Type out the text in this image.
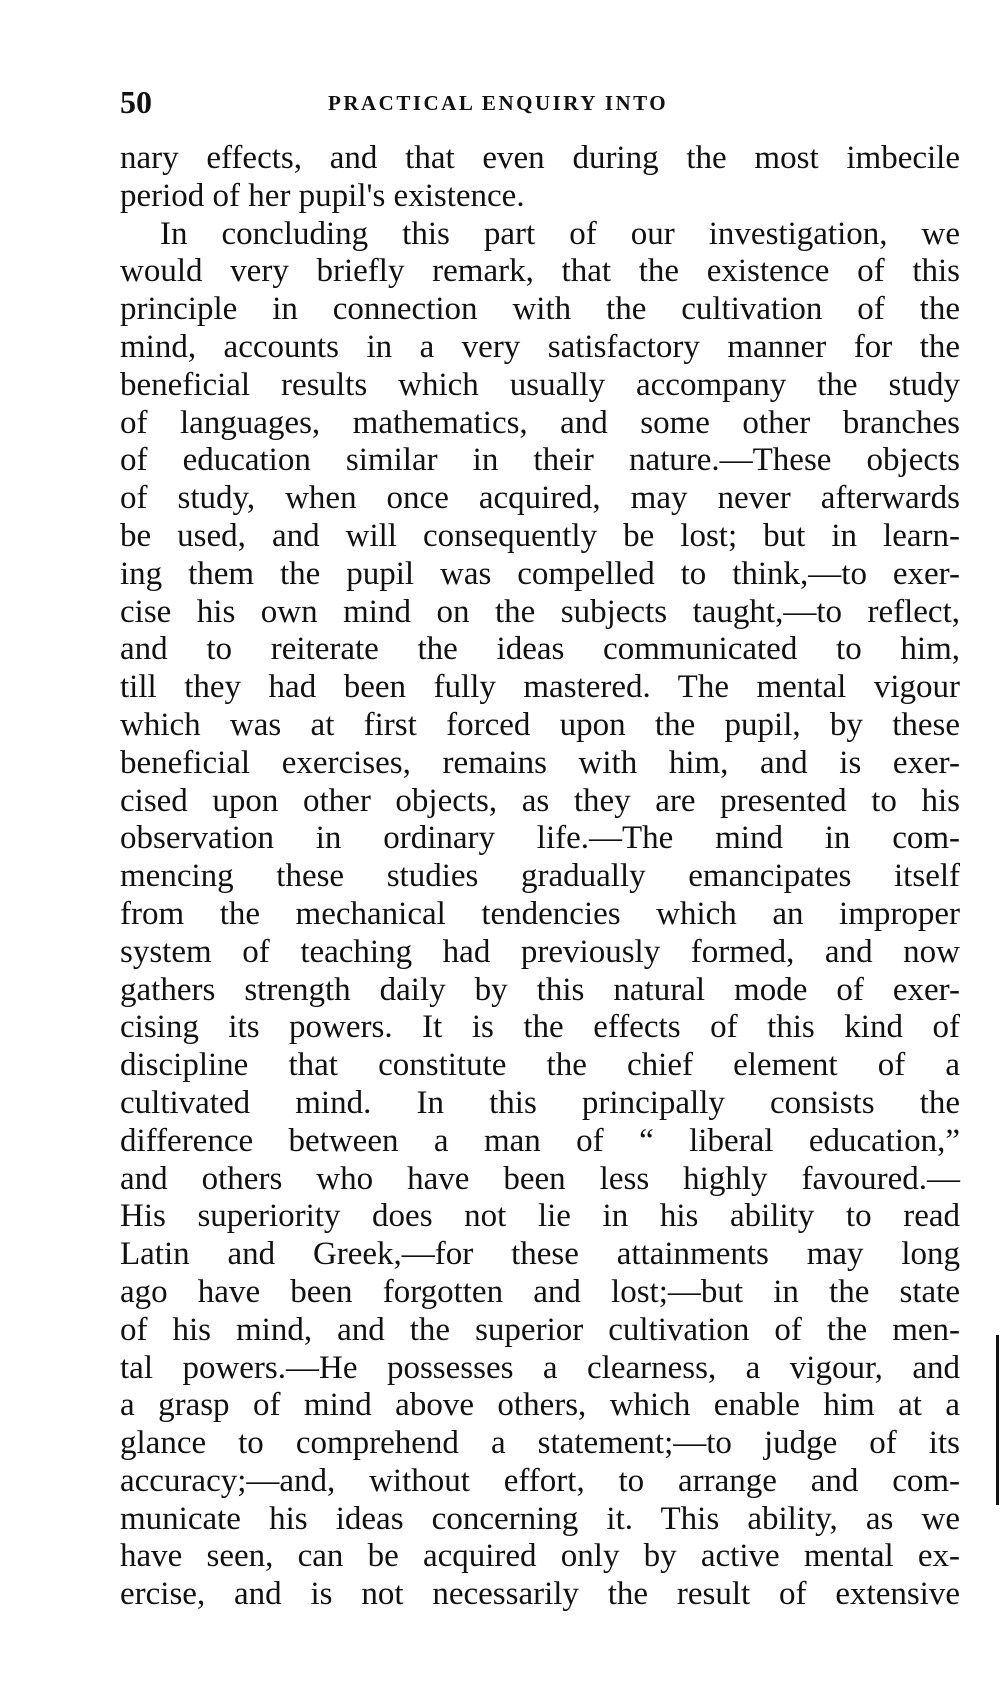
50	PRACTICAL ENQUIRY INTO
nary effects, and that even during the most imbecile
period of her pupil's existence.
In concluding this part of our investigation, we
would very briefly remark, that the existence of this
principle in connection with the cultivation of the
mind, accounts in a very satisfactory manner for the
beneficial results which usually accompany the study
of languages, mathematics, and some other branches
of education similar in their nature.—These objects
of study, when once acquired, may never afterwards
be used, and will consequently be lost; but in learn-
ing them the pupil was compelled to think,—to exer-
cise his own mind on the subjects taught,—to reflect,
and to reiterate the ideas communicated to him,
till they had been fully mastered. The mental vigour
which was at first forced upon the pupil, by these
beneficial exercises, remains with him, and is exer-
cised upon other objects, as they are presented to his
observation in ordinary life.—The mind in com-
mencing these studies gradually emancipates itself
from the mechanical tendencies which an improper
system of teaching had previously formed, and now
gathers strength daily by this natural mode of exer-
cising its powers. It is the effects of this kind of
discipline that constitute the chief element of a
cultivated mind. In this principally consists the
difference between a man of “ liberal education,”
and others who have been less highly favoured.—
His superiority does not lie in his ability to read
Latin and Greek,—for these attainments may long
ago have been forgotten and lost;—but in the state
of his mind, and the superior cultivation of the men-
tal powers.—He possesses a clearness, a vigour, and
a grasp of mind above others, which enable him at a
glance to comprehend a statement;—to judge of its
accuracy;—and, without effort, to arrange and com-
municate his ideas concerning it. This ability, as we
have seen, can be acquired only by active mental ex-
ercise, and is not necessarily the result of extensive
